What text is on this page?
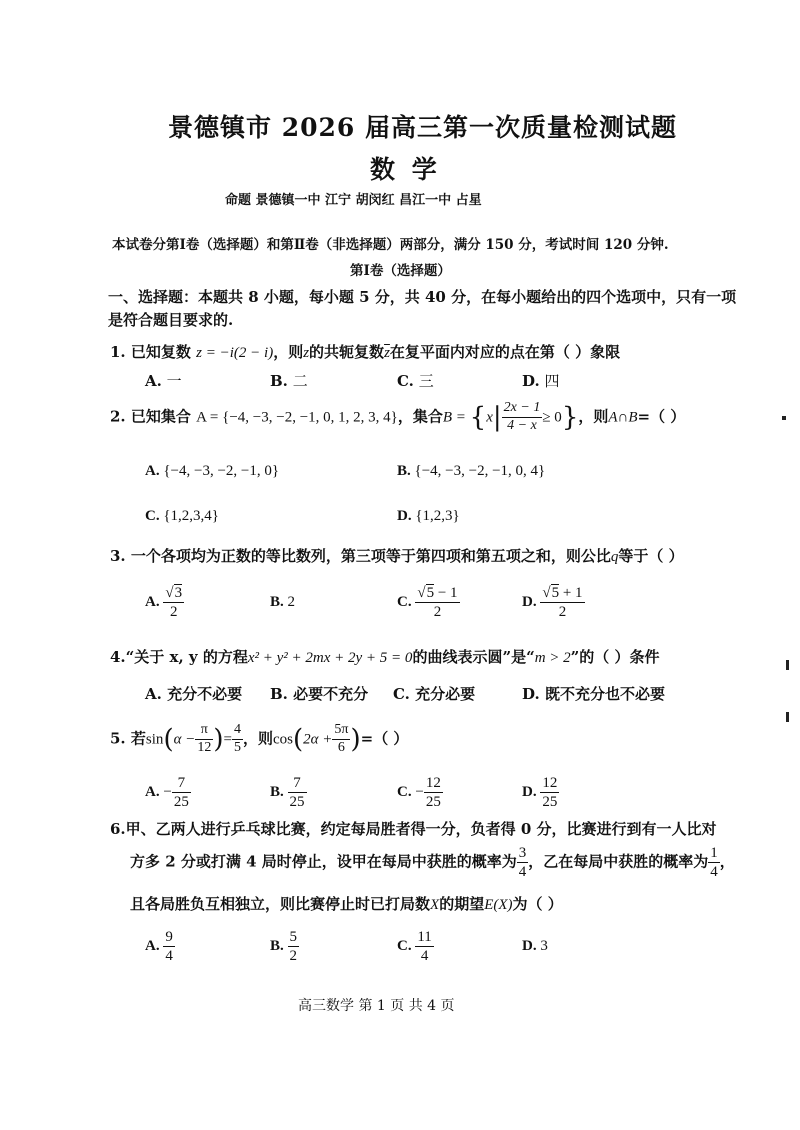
景德镇市 2026 届高三第一次质量检测试题
数 学
命题 景德镇一中 江宁 胡闵红 昌江一中 占星
本试卷分第Ⅰ卷（选择题）和第Ⅱ卷（非选择题）两部分，满分 150 分，考试时间 120 分钟.
第Ⅰ卷（选择题）
一、选择题：本题共 8 小题，每小题 5 分，共 40 分，在每小题给出的四个选项中，只有一项
是符合题目要求的.
1. 已知复数 z = −i(2 − i)，则z的共轭复数$\overline{z}$在复平面内对应的点在第（ ）象限
A. 一	B. 二	C. 三	D. 四
2. 已知集合 A = {−4, −3, −2, −1, 0, 1, 2, 3, 4}，集合$B = \{x| \frac{2x - 1}{4 - x} \ge 0\}$，则A∩B=（ ）
A. {−4, −3, −2, −1, 0}	B. {−4, −3, −2, −1, 0, 4}
C. {1,2,3,4}	D. {1,2,3}
3. 一个各项均为正数的等比数列，第三项等于第四项和第五项之和，则公比q等于（ ）
A. $\frac{√3}{2}$	B. 2	C. $\frac{√5 - 1}{2}$	D. $\frac{√5 + 1}{2}$
4.“关于 x, y 的方程x² + y² + 2mx + 2y + 5 = 0的曲线表示圆”是“m > 2”的（ ）条件
A. 充分不必要 B. 必要不充分 C. 充分必要	D. 既不充分也不必要
5. 若$\sin(\alpha - \frac{\pi}{12}$ )= $\frac{4}{5}$ ，则$\cos(2\alpha + \frac{5\pi}{6}$ )=（ ）
A. − $\frac{7}{25}$	B. $\frac{7}{25}$	C. − $\frac{12}{25}$	D. $\frac{12}{25}$
6.甲、乙两人进行乒乓球比赛，约定每局胜者得一分，负者得 0 分，比赛进行到有一人比对
方多 2 分或打满 4 局时停止，设甲在每局中获胜的概率为 $\frac{3}{4}$ ，乙在每局中获胜的概率为 $\frac{1}{4}$ ，
且各局胜负互相独立，则比赛停止时已打局数X的期望E(X)为（ ）
A. $\frac{9}{4}$	B. $\frac{5}{2}$	C. $\frac{11}{4}$	D. 3
高三数学 第 1 页 共 4 页
